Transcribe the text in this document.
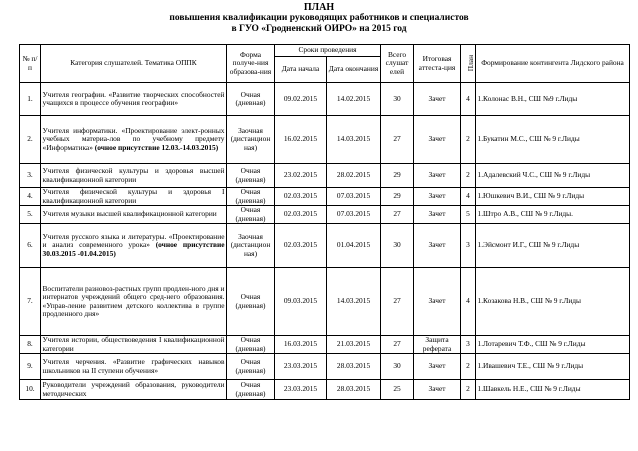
ПЛАН
повышения квалификации руководящих работников и специалистов
в ГУО «Гродненский ОИРО» на 2015 год
№ п/п	Категория слушателей. Тематика ОППК	Форма получе-ния образова-ния	Сроки проведения		Всего слушат елей	Итоговая аттеста-ция	План	Формирование контингента Лидского района
			Дата начала	Дата окончания				
1.	Учителя географии. «Развитие творческих способностей учащихся в процессе обучения географии»	Очная (дневная)	09.02.2015	14.02.2015	30	Зачет	4	1.Колонас В.Н., СШ №9 г.Лиды
2.	Учителя информатики. «Проектирование элект-ронных учебных материа-лов по учебному предмету «Информатика» (очное присутствие 12.03.-14.03.2015)	Заочная (дистанцион ная)	16.02.2015	14.03.2015	27	Зачет	2	1.Букатин М.С., СШ № 9 г.Лиды
3.	Учителя физической культуры и здоровья высшей квалификационной категории	Очная (дневная)	23.02.2015	28.02.2015	29	Зачет	2	1.Адалевский Ч.С., СШ № 9 г.Лиды
4.	Учителя физической культуры и здоровья I квалификационной категории	Очная (дневная)	02.03.2015	07.03.2015	29	Зачет	4	1.Юшкевич В.И., СШ № 9 г.Лиды
5.	Учителя музыки высшей квалификационной категории	Очная (дневная)	02.03.2015	07.03.2015	27	Зачет	5	1.Штро А.В., СШ № 9 г.Лиды.
6.	Учителя русского языка и литературы. «Проектирование и анализ современного урока» (очное присутствие 30.03.2015 -01.04.2015)	Заочная (дистанцион ная)	02.03.2015	01.04.2015	30	Зачет	3	1.Эйсмонт И.Г., СШ № 9 г.Лиды
7.	Воспитатели разновоз-растных групп продлен-ного дня и интернатов учреждений общего сред-него образования. «Управ-ление развитием детского коллектива в группе продленного дня»	Очная (дневная)	09.03.2015	14.03.2015	27	Зачет	4	1.Козакова Н.В., СШ № 9 г.Лиды
8.	Учителя истории, обществоведения I квалификационной категории	Очная (дневная)	16.03.2015	21.03.2015	27	Защита реферата	3	1.Лотаревич Т.Ф., СШ № 9 г.Лиды
9.	Учителя черчения. «Развитие графических навыков школьников на II ступени обучения»	Очная (дневная)	23.03.2015	28.03.2015	30	Зачет	2	1.Ивашевич Т.Е., СШ № 9 г.Лиды
10.	Руководители учреждений образования, руководители методических	Очная (дневная)	23.03.2015	28.03.2015	25	Зачет	2	1.Шавкель Н.Е., СШ № 9 г.Лиды
